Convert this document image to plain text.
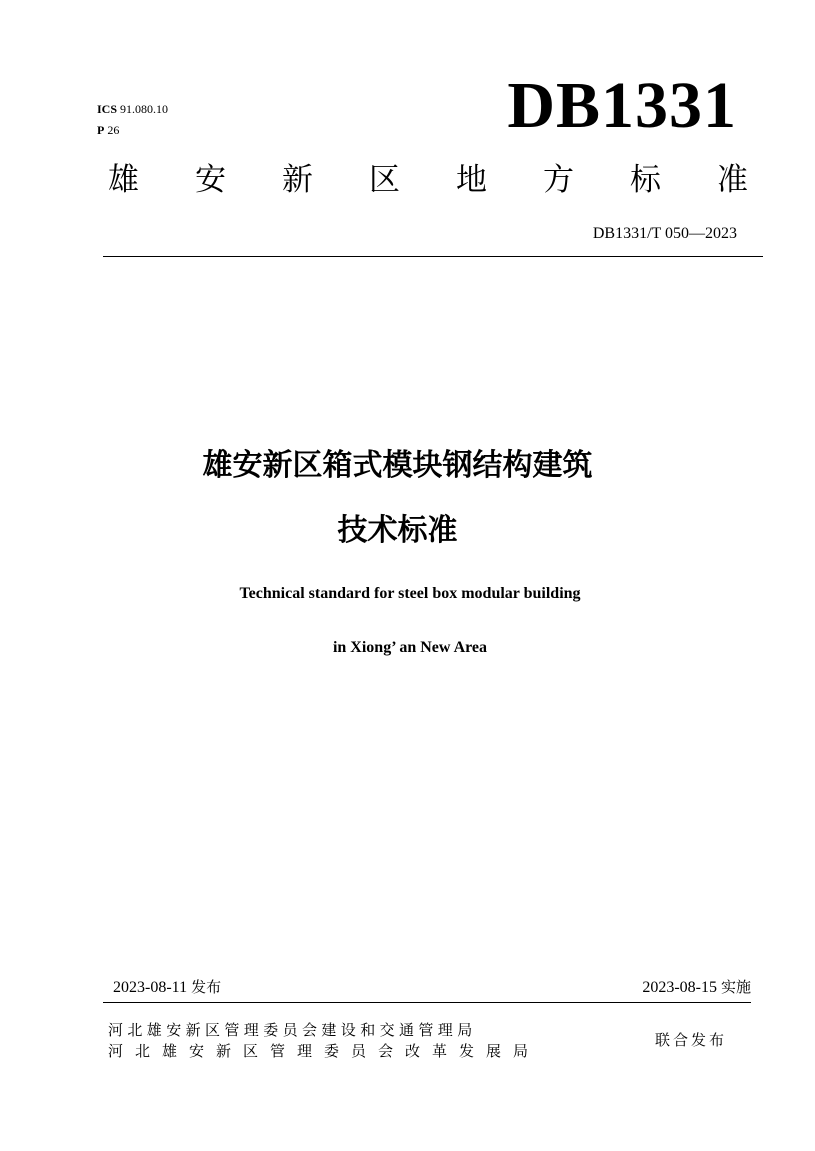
ICS 91.080.10
P 26	DB1331
雄 安 新 区 地 方 标 准
DB1331/T 050—2023
雄安新区箱式模块钢结构建筑
技术标准
Technical standard for steel box modular building
in Xiong’ an New Area
2023-08-11 发布	2023-08-15 实施
河北雄安新区管理委员会建设和交通管理局
河北雄安新区管理委员会改革发展局
联合发布
